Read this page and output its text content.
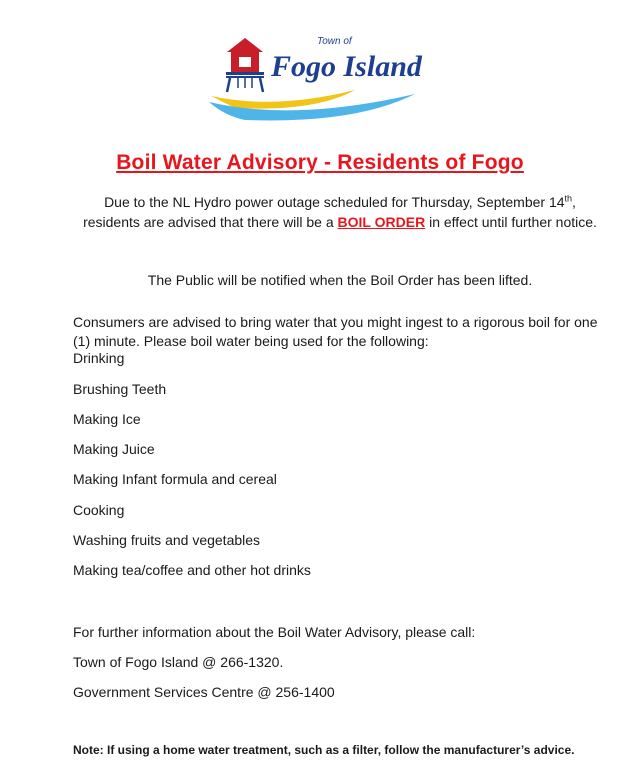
Town of
Fogo Island
Boil Water Advisory - Residents of Fogo
Due to the NL Hydro power outage scheduled for Thursday, September 14th, residents are advised that there will be a BOIL ORDER in effect until further notice.
The Public will be notified when the Boil Order has been lifted.
Consumers are advised to bring water that you might ingest to a rigorous boil for one (1) minute. Please boil water being used for the following:
Drinking
Brushing Teeth
Making Ice
Making Juice
Making Infant formula and cereal
Cooking
Washing fruits and vegetables
Making tea/coffee and other hot drinks
For further information about the Boil Water Advisory, please call:
Town of Fogo Island @ 266-1320.
Government Services Centre @ 256-1400
Note: If using a home water treatment, such as a filter, follow the manufacturer’s advice.
